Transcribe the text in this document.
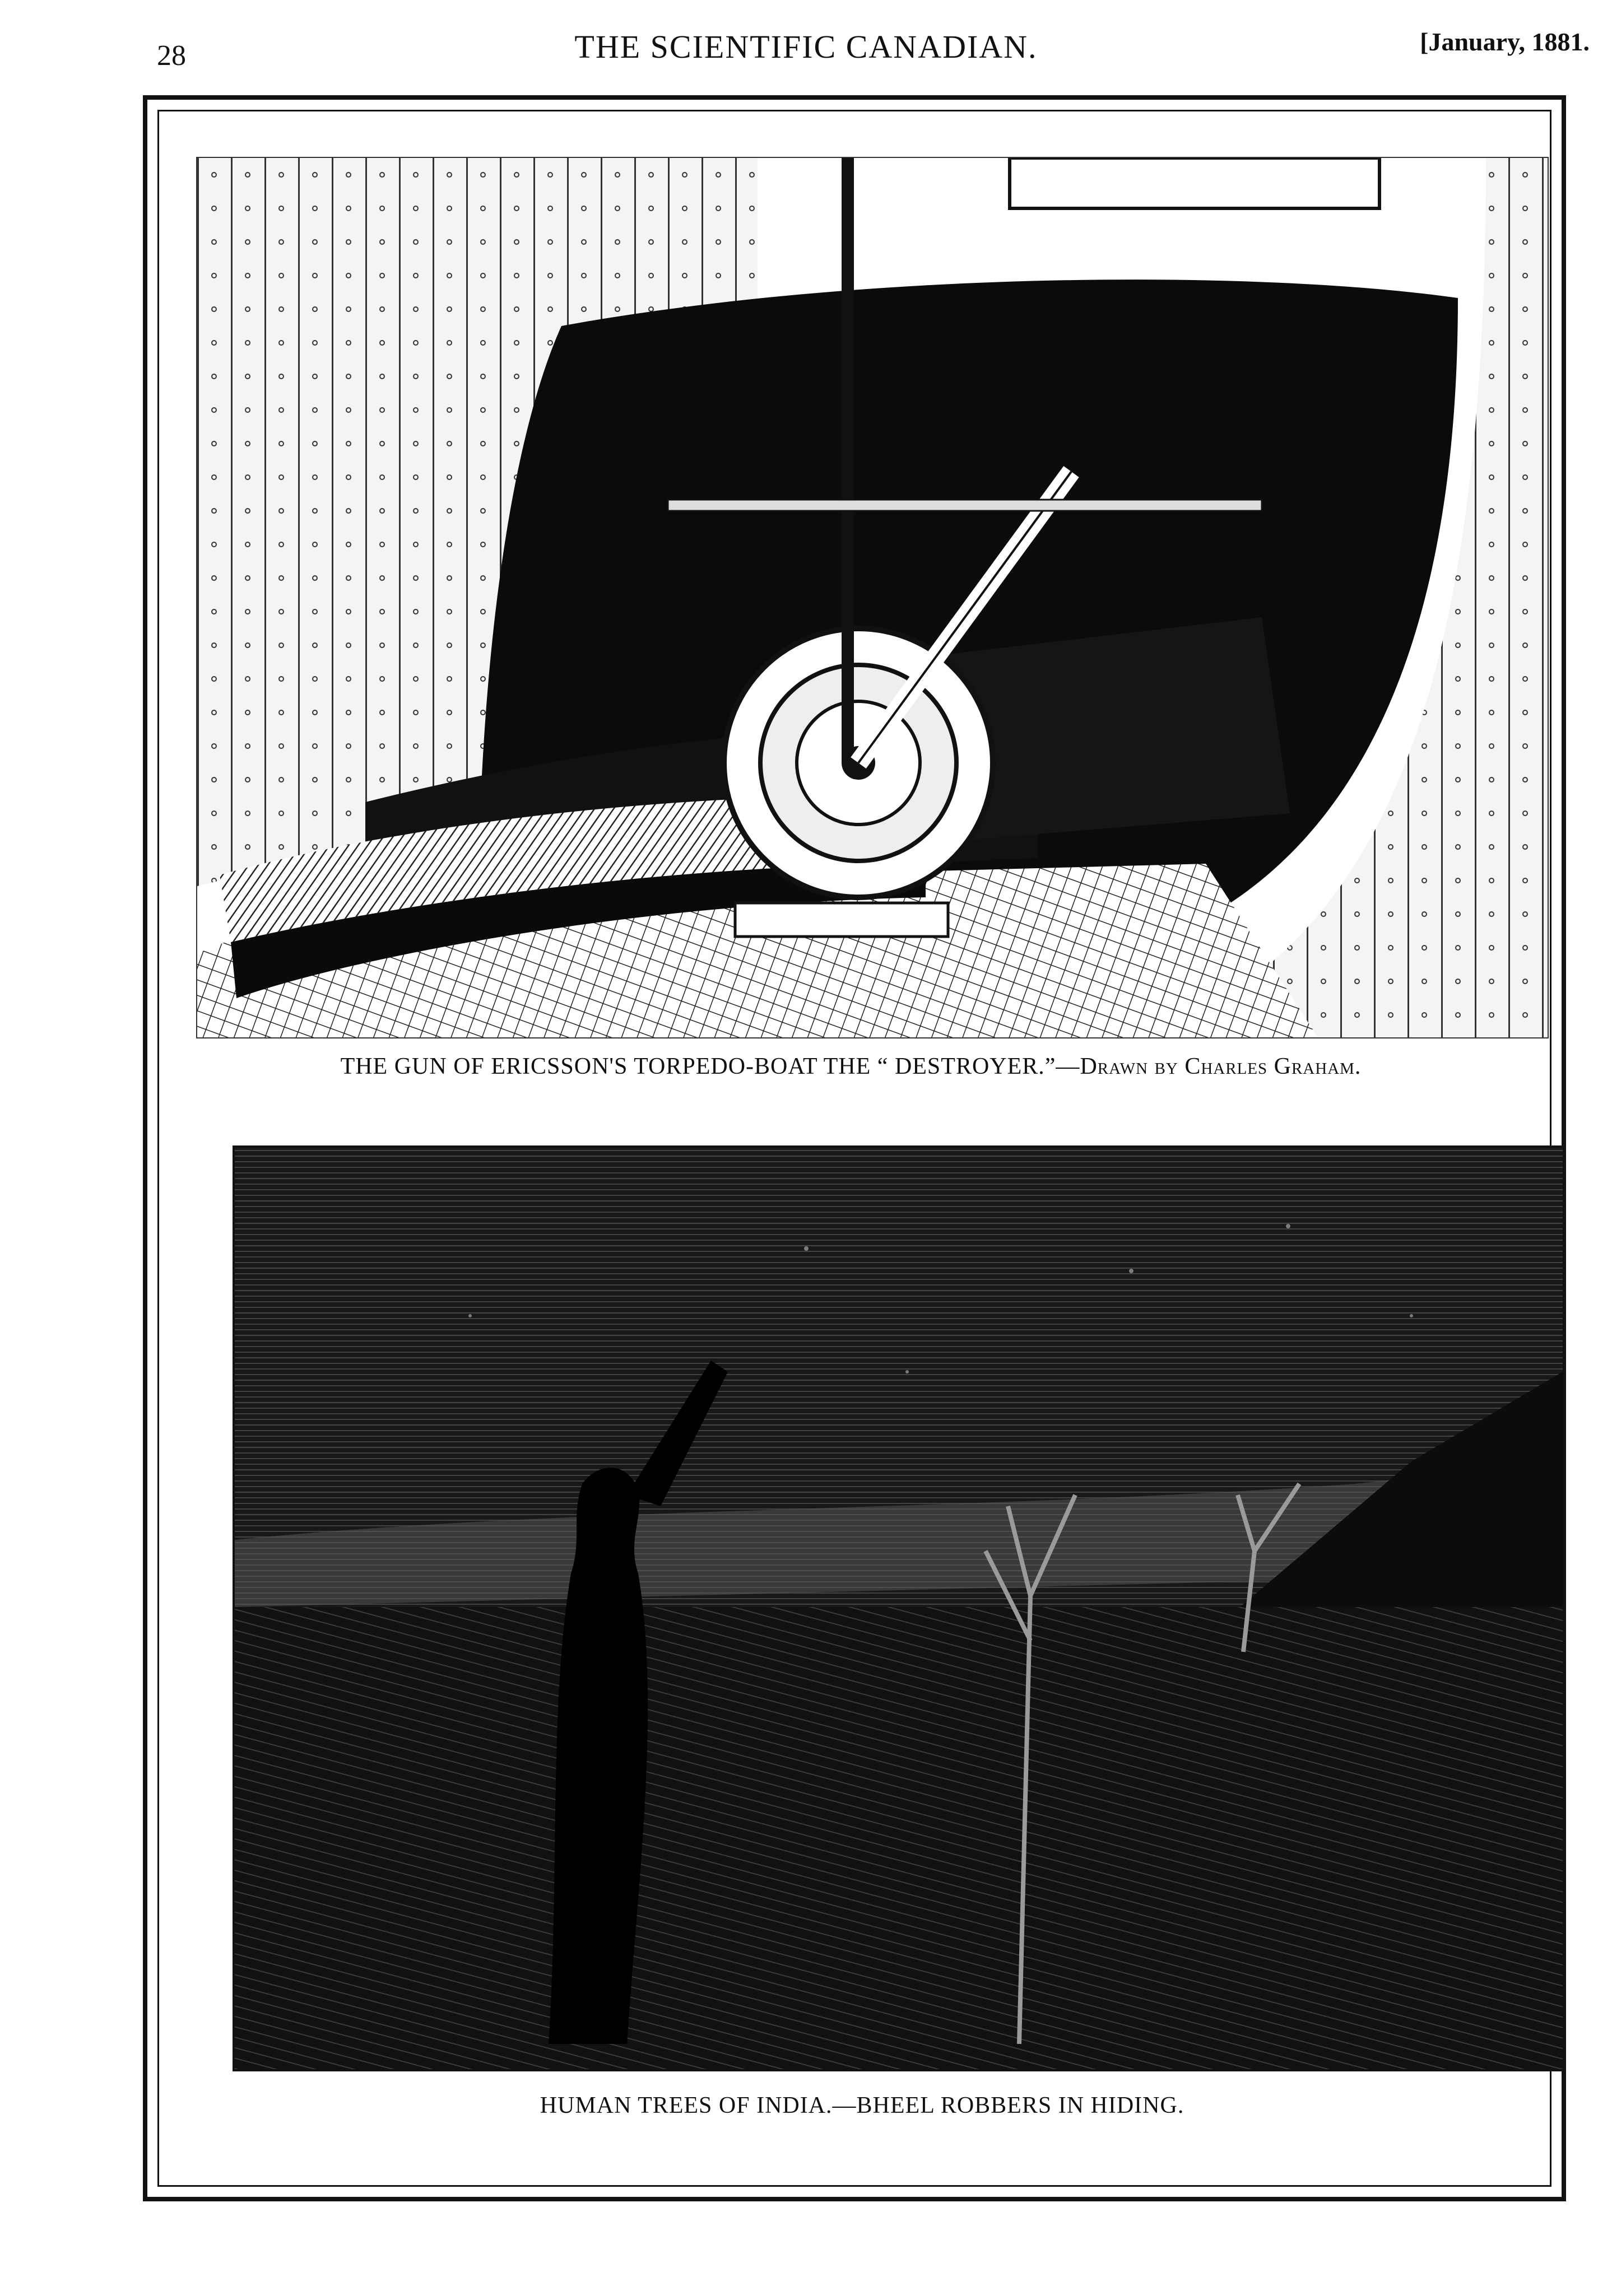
28	THE SCIENTIFIC CANADIAN.	[January, 1881.
THE GUN OF ERICSSON'S TORPEDO-BOAT THE “ DESTROYER.”—Drawn by Charles Graham.
HUMAN TREES OF INDIA.—BHEEL ROBBERS IN HIDING.
